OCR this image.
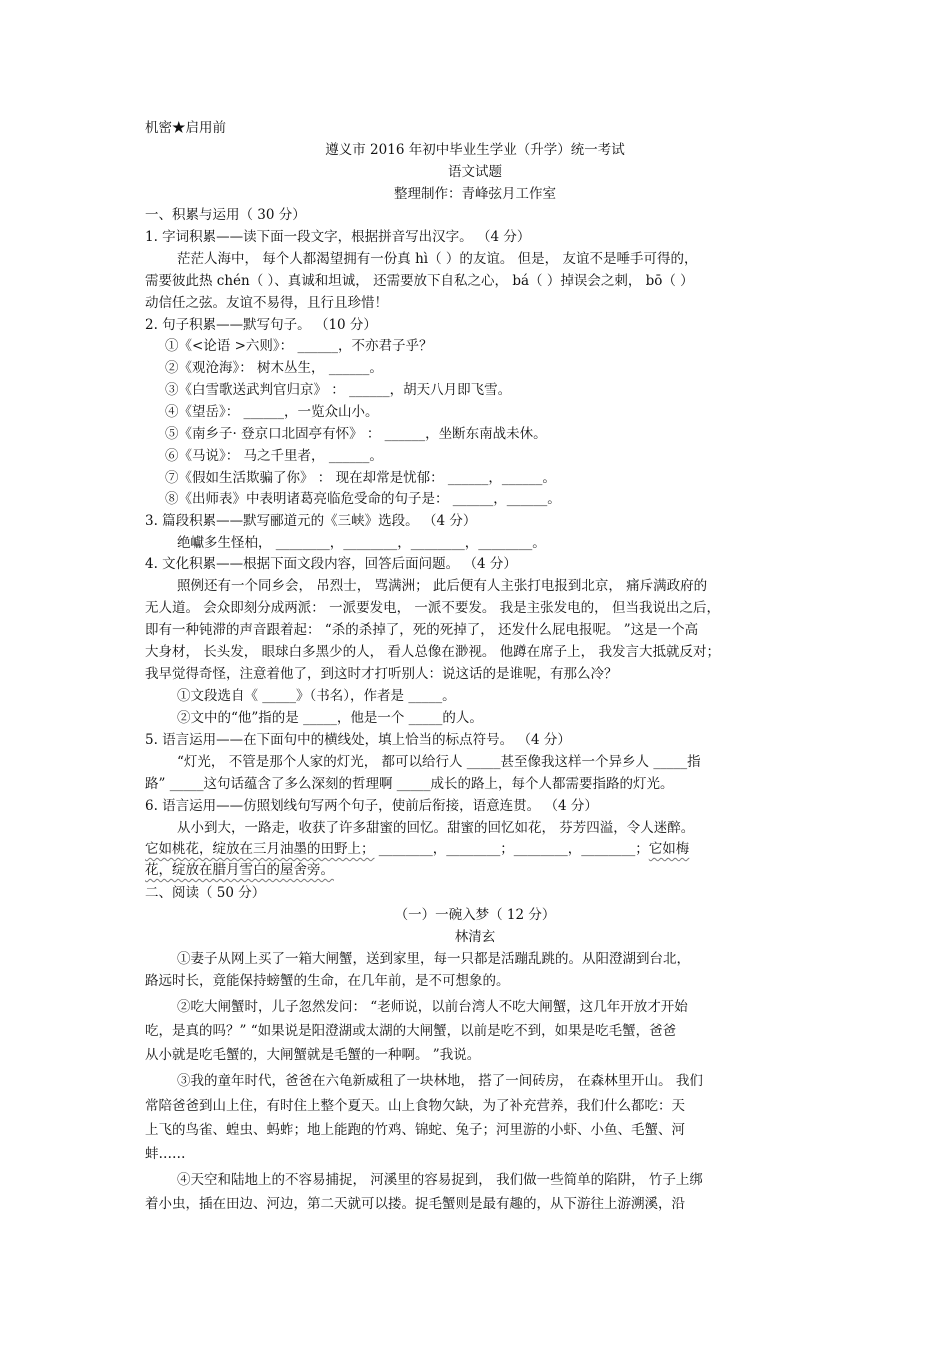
机密★启用前
遵义市 2016 年初中毕业生学业（升学）统一考试
语文试题
整理制作：青峰弦月工作室
一、积累与运用（ 30 分）
1. 字词积累——读下面一段文字，根据拼音写出汉字。 （4 分）
茫茫人海中， 每个人都渴望拥有一份真 hì（ ）的友谊。 但是， 友谊不是唾手可得的，
需要彼此热 chén（ ）、真诚和坦诚， 还需要放下自私之心， bá（ ）掉误会之刺， bō（ ）
动信任之弦。友谊不易得，且行且珍惜！
2. 句子积累——默写句子。 （10 分）
①《<论语 >六则》： ______，不亦君子乎？
②《观沧海》： 树木丛生， ______。
③《白雪歌送武判官归京》 ： ______，胡天八月即飞雪。
④《望岳》： ______，一览众山小。
⑤《南乡子· 登京口北固亭有怀》 ： ______，坐断东南战未休。
⑥《马说》： 马之千里者， ______。
⑦《假如生活欺骗了你》 ： 现在却常是忧郁： ______，______。
⑧《出师表》中表明诸葛亮临危受命的句子是： ______，______。
3. 篇段积累——默写郦道元的《三峡》选段。 （4 分）
绝巘多生怪柏， ________，________，________，________。
4. 文化积累——根据下面文段内容，回答后面问题。 （4 分）
照例还有一个同乡会， 吊烈士， 骂满洲； 此后便有人主张打电报到北京， 痛斥满政府的
无人道。 会众即刻分成两派： 一派要发电， 一派不要发。 我是主张发电的， 但当我说出之后，
即有一种钝滞的声音跟着起： “杀的杀掉了，死的死掉了， 还发什么屁电报呢。 ”这是一个高
大身材， 长头发， 眼球白多黑少的人， 看人总像在渺视。 他蹲在席子上， 我发言大抵就反对；
我早觉得奇怪，注意着他了，到这时才打听别人：说这话的是谁呢，有那么冷？
①文段选自《 _____》（书名），作者是 _____。
②文中的“他”指的是 _____，他是一个 _____的人。
5. 语言运用——在下面句中的横线处，填上恰当的标点符号。 （4 分）
“灯光， 不管是那个人家的灯光， 都可以给行人 _____甚至像我这样一个异乡人 _____指
路” _____这句话蕴含了多么深刻的哲理啊 _____成长的路上，每个人都需要指路的灯光。
6. 语言运用——仿照划线句写两个句子，使前后衔接，语意连贯。 （4 分）
从小到大，一路走，收获了许多甜蜜的回忆。甜蜜的回忆如花， 芬芳四溢，令人迷醉。
它如桃花，绽放在三月油墨的田野上； ________，________；________，________；它如梅
花，绽放在腊月雪白的屋舍旁。
二、阅读（ 50 分）
（一）一碗入梦（ 12 分）
林清玄
①妻子从网上买了一箱大闸蟹，送到家里，每一只都是活蹦乱跳的。从阳澄湖到台北，
路远时长，竟能保持螃蟹的生命，在几年前，是不可想象的。
②吃大闸蟹时，儿子忽然发问： “老师说，以前台湾人不吃大闸蟹，这几年开放才开始
吃，是真的吗？” “如果说是阳澄湖或太湖的大闸蟹，以前是吃不到，如果是吃毛蟹，爸爸
从小就是吃毛蟹的，大闸蟹就是毛蟹的一种啊。 ”我说。
③我的童年时代，爸爸在六龟新威租了一块林地， 搭了一间砖房， 在森林里开山。 我们
常陪爸爸到山上住，有时住上整个夏天。山上食物欠缺，为了补充营养，我们什么都吃：天
上飞的鸟雀、蝗虫、蚂蚱；地上能跑的竹鸡、锦蛇、兔子；河里游的小虾、小鱼、毛蟹、河
蚌……
④天空和陆地上的不容易捕捉， 河溪里的容易捉到， 我们做一些简单的陷阱， 竹子上绑
着小虫，插在田边、河边，第二天就可以搂。捉毛蟹则是最有趣的，从下游往上游溯溪，沿
